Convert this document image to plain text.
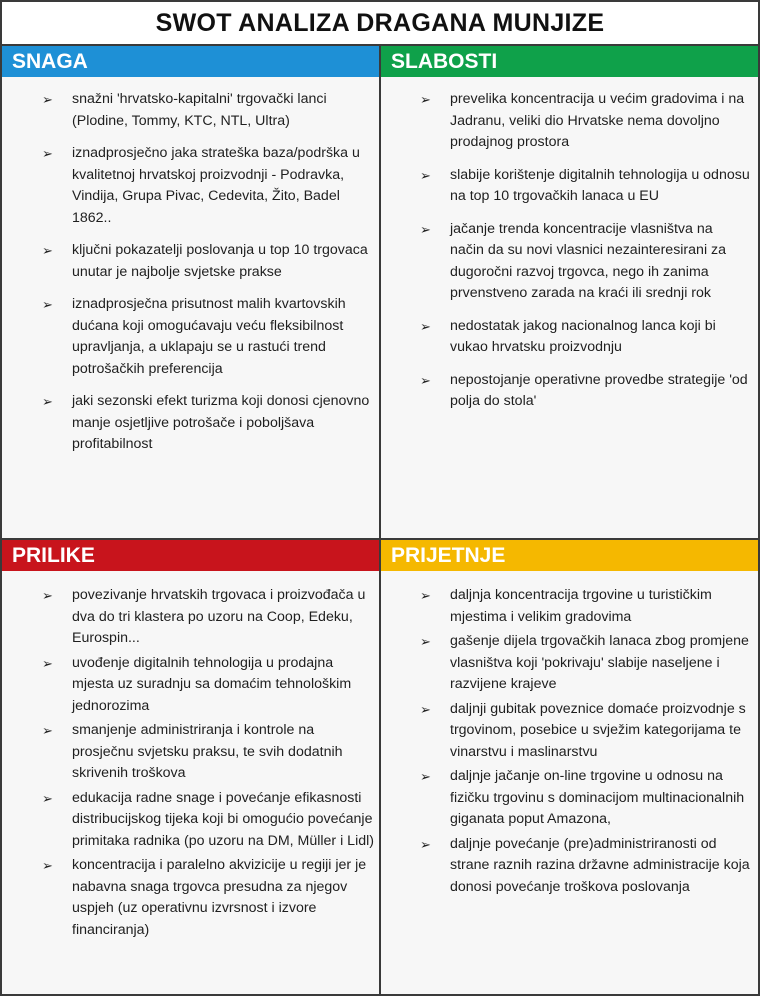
SWOT ANALIZA DRAGANA MUNJIZE
SNAGA
➢ snažni 'hrvatsko-kapitalni' trgovački lanci (Plodine, Tommy, KTC, NTL, Ultra)
➢ iznadprosječno jaka strateška baza/podrška u kvalitetnoj hrvatskoj proizvodnji - Podravka, Vindija, Grupa Pivac, Cedevita, Žito, Badel 1862..
➢ ključni pokazatelji poslovanja u top 10 trgovaca unutar je najbolje svjetske prakse
➢ iznadprosječna prisutnost malih kvartovskih dućana koji omogućavaju veću fleksibilnost upravljanja, a uklapaju se u rastući trend potrošačkih preferencija
➢ jaki sezonski efekt turizma koji donosi cjenovno manje osjetljive potrošače i poboljšava profitabilnost
SLABOSTI
➢ prevelika koncentracija u većim gradovima i na Jadranu, veliki dio Hrvatske nema dovoljno prodajnog prostora
➢ slabije korištenje digitalnih tehnologija u odnosu na top 10 trgovačkih lanaca u EU
➢ jačanje trenda koncentracije vlasništva na način da su novi vlasnici nezainteresirani za dugoročni razvoj trgovca, nego ih zanima prvenstveno zarada na kraći ili srednji rok
➢ nedostatak jakog nacionalnog lanca koji bi vukao hrvatsku proizvodnju
➢ nepostojanje operativne provedbe strategije 'od polja do stola'
PRILIKE
➢ povezivanje hrvatskih trgovaca i proizvođača u dva do tri klastera po uzoru na Coop, Edeku, Eurospin...
➢ uvođenje digitalnih tehnologija u prodajna mjesta uz suradnju sa domaćim tehnološkim jednorozima
➢ smanjenje administriranja i kontrole na prosječnu svjetsku praksu, te svih dodatnih skrivenih troškova
➢ edukacija radne snage i povećanje efikasnosti distribucijskog tijeka koji bi omogućio povećanje primitaka radnika (po uzoru na DM, Müller i Lidl)
➢ koncentracija i paralelno akvizicije u regiji jer je nabavna snaga trgovca presudna za njegov uspjeh (uz operativnu izvrsnost i izvore financiranja)
PRIJETNJE
➢ daljnja koncentracija trgovine u turističkim mjestima i velikim gradovima
➢ gašenje dijela trgovačkih lanaca zbog promjene vlasništva koji 'pokrivaju' slabije naseljene i razvijene krajeve
➢ daljnji gubitak poveznice domaće proizvodnje s trgovinom, posebice u svježim kategorijama te vinarstvu i maslinarstvu
➢ daljnje jačanje on-line trgovine u odnosu na fizičku trgovinu s dominacijom multinacionalnih giganata poput Amazona,
➢ daljnje povećanje (pre)administriranosti od strane raznih razina državne administracije koja donosi povećanje troškova poslovanja
